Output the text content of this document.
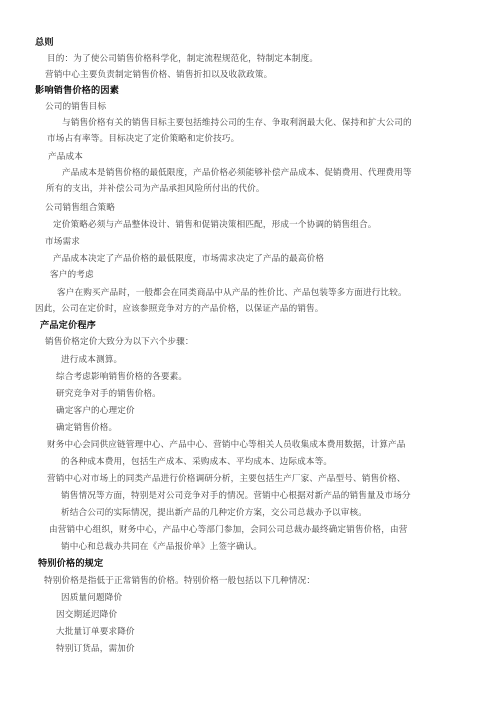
总则
目的：为了使公司销售价格科学化，制定流程规范化，特制定本制度。
营销中心主要负责制定销售价格、销售折扣以及收款政策。
影响销售价格的因素
公司的销售目标
与销售价格有关的销售目标主要包括维持公司的生存、争取利润最大化、保持和扩大公司的
市场占有率等。目标决定了定价策略和定价技巧。
产品成本
产品成本是销售价格的最低限度，产品价格必须能够补偿产品成本、促销费用、代理费用等
所有的支出，并补偿公司为产品承担风险所付出的代价。
公司销售组合策略
定价策略必须与产品整体设计、销售和促销决策相匹配，形成一个协调的销售组合。
市场需求
产品成本决定了产品价格的最低限度，市场需求决定了产品的最高价格
客户的考虑
客户在购买产品时，一般都会在同类商品中从产品的性价比、产品包装等多方面进行比较。
因此，公司在定价时，应该参照竞争对方的产品价格，以保证产品的销售。
产品定价程序
销售价格定价大致分为以下六个步骤：
进行成本测算。
综合考虑影响销售价格的各要素。
研究竞争对手的销售价格。
确定客户的心理定价
确定销售价格。
财务中心会同供应链管理中心、产品中心、营销中心等相关人员收集成本费用数据，计算产品
的各种成本费用，包括生产成本、采购成本、平均成本、边际成本等。
营销中心对市场上的同类产品进行价格调研分析，主要包括生产厂家、产品型号、销售价格、
销售情况等方面，特别是对公司竞争对手的情况。营销中心根据对新产品的销售量及市场分
析结合公司的实际情况，提出新产品的几种定价方案，交公司总裁办予以审核。
由营销中心组织，财务中心，产品中心等部门参加，会同公司总裁办最终确定销售价格，由营
销中心和总裁办共同在《产品报价单》上签字确认。
特别价格的规定
特别价格是指低于正常销售的价格。特别价格一般包括以下几种情况：
因质量问题降价
因交期延迟降价
大批量订单要求降价
特别订货品，需加价
